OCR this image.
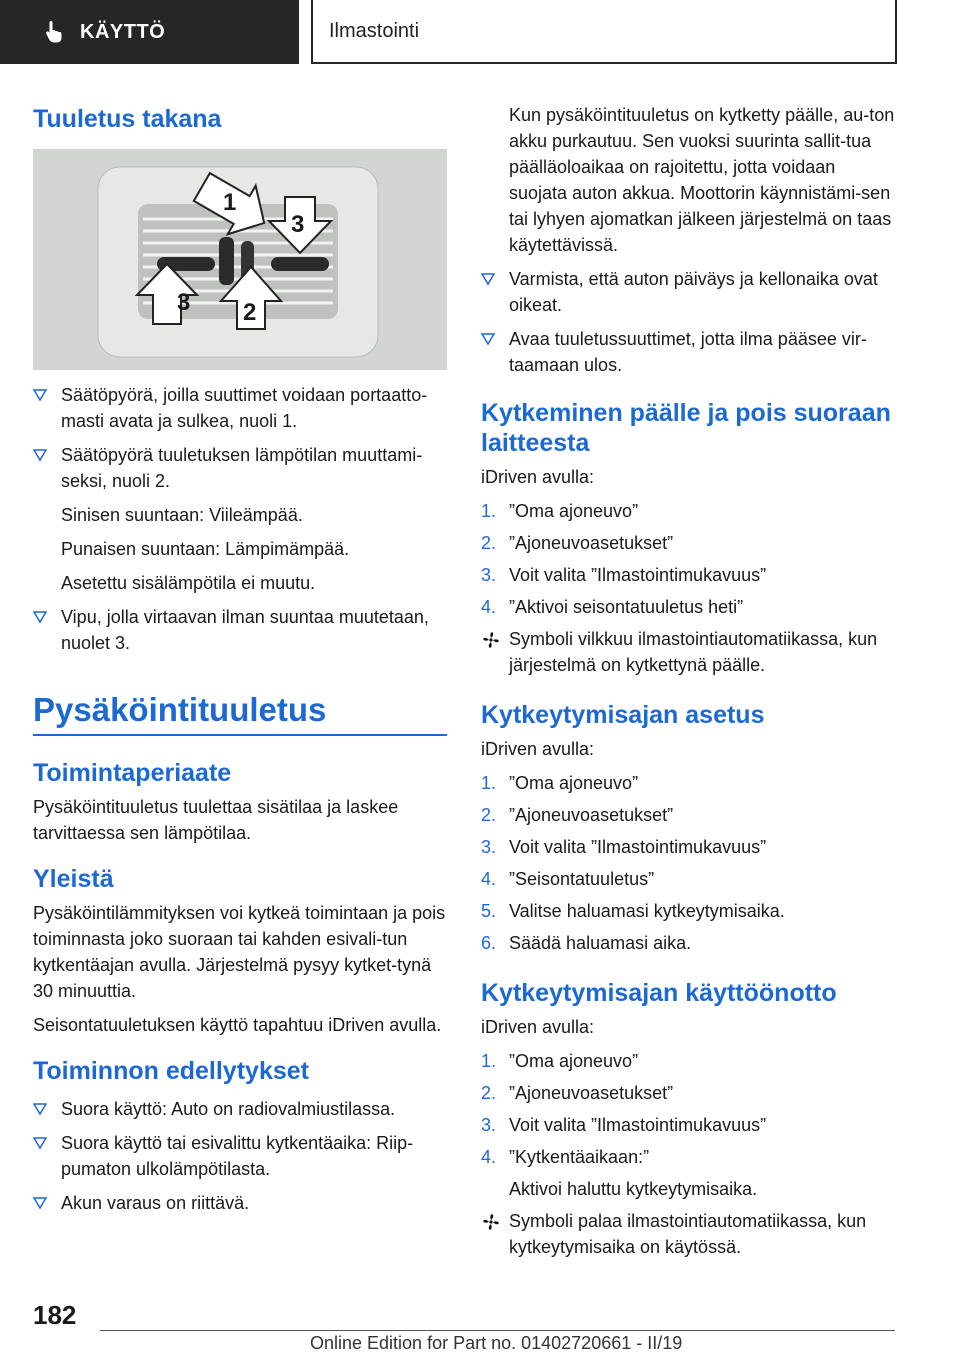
KÄYTTÖ	Ilmastointi
Tuuletus takana
1
3
3 2
Säätöpyörä, joilla suuttimet voidaan portaatto-masti avata ja sulkea, nuoli 1.
Säätöpyörä tuuletuksen lämpötilan muuttami-seksi, nuoli 2.
Sinisen suuntaan: Viileämpää.
Punaisen suuntaan: Lämpimämpää.
Asetettu sisälämpötila ei muutu.
Vipu, jolla virtaavan ilman suuntaa muutetaan, nuolet 3.
Pysäköintituuletus
Toimintaperiaate

Pysäköintituuletus tuulettaa sisätilaa ja laskee tarvittaessa sen lämpötilaa.

Yleistä

Pysäköintilämmityksen voi kytkeä toimintaan ja pois toiminnasta joko suoraan tai kahden esivali-tun kytkentäajan avulla. Järjestelmä pysyy kytket-tynä 30 minuuttia.

Seisontatuuletuksen käyttö tapahtuu iDriven avulla.

Toiminnon edellytykset
Suora käyttö: Auto on radiovalmiustilassa.
Suora käyttö tai esivalittu kytkentäaika: Riip-pumaton ulkolämpötilasta.
Akun varaus on riittävä.

Kun pysäköintituuletus on kytketty päälle, au-ton akku purkautuu. Sen vuoksi suurinta sallit-tua päälläoloaikaa on rajoitettu, jotta voidaan suojata auton akkua. Moottorin käynnistämi-sen tai lyhyen ajomatkan jälkeen järjestelmä on taas käytettävissä.

Varmista, että auton päiväys ja kellonaika ovat oikeat.
Avaa tuuletussuuttimet, jotta ilma pääsee vir-taamaan ulos.
Kytkeminen päälle ja pois suoraan laitteesta

iDriven avulla:

1. ”Oma ajoneuvo”
2. ”Ajoneuvoasetukset”
3. Voit valita ”Ilmastointimukavuus”
4. ”Aktivoi seisontatuuletus heti”
Symboli vilkkuu ilmastointiautomatiikassa, kun järjestelmä on kytkettynä päälle.
Kytkeytymisajan asetus

iDriven avulla:

1. ”Oma ajoneuvo”
2. ”Ajoneuvoasetukset”
3. Voit valita ”Ilmastointimukavuus”
4. ”Seisontatuuletus”
5. Valitse haluamasi kytkeytymisaika.
6. Säädä haluamasi aika.
Kytkeytymisajan käyttöönotto

iDriven avulla:

1. ”Oma ajoneuvo”
2. ”Ajoneuvoasetukset”
3. Voit valita ”Ilmastointimukavuus”
4. ”Kytkentäaikaan:”
Aktivoi haluttu kytkeytymisaika.
Symboli palaa ilmastointiautomatiikassa, kun kytkeytymisaika on käytössä.
182
Online Edition for Part no. 01402720661 - II/19
